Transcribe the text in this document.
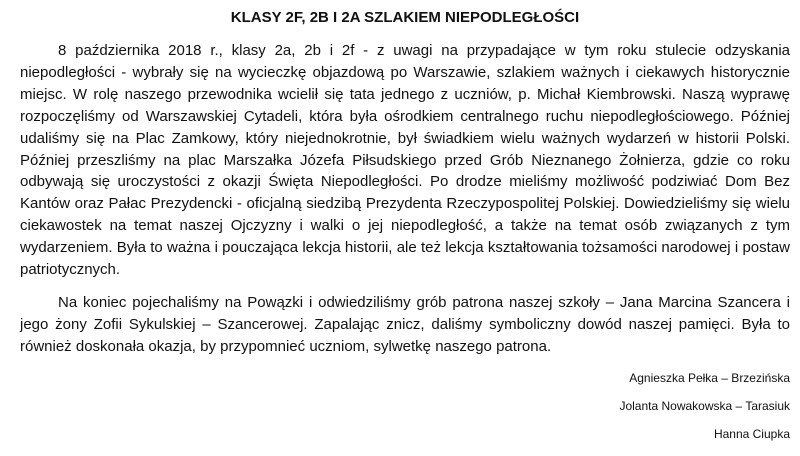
KLASY 2F, 2B I 2A SZLAKIEM NIEPODLEGŁOŚCI

8 października 2018 r., klasy 2a, 2b i 2f - z uwagi na przypadające w tym roku stulecie odzyskania niepodległości - wybrały się na wycieczkę objazdową po Warszawie, szlakiem ważnych i ciekawych historycznie miejsc. W rolę naszego przewodnika wcielił się tata jednego z uczniów, p. Michał Kiembrowski. Naszą wyprawę rozpoczęliśmy od Warszawskiej Cytadeli, która była ośrodkiem centralnego ruchu niepodległościowego. Później udaliśmy się na Plac Zamkowy, który niejednokrotnie, był świadkiem wielu ważnych wydarzeń w historii Polski. Później przeszliśmy na plac Marszałka Józefa Piłsudskiego przed Grób Nieznanego Żołnierza, gdzie co roku odbywają się uroczystości z okazji Święta Niepodległości. Po drodze mieliśmy możliwość podziwiać Dom Bez Kantów oraz Pałac Prezydencki - oficjalną siedzibą Prezydenta Rzeczypospolitej Polskiej. Dowiedzieliśmy się wielu ciekawostek na temat naszej Ojczyzny i walki o jej niepodległość, a także na temat osób związanych z tym wydarzeniem. Była to ważna i pouczająca lekcja historii, ale też lekcja kształtowania tożsamości narodowej i postaw patriotycznych.

Na koniec pojechaliśmy na Powązki i odwiedziliśmy grób patrona naszej szkoły – Jana Marcina Szancera i jego żony Zofii Sykulskiej – Szancerowej. Zapalając znicz, daliśmy symboliczny dowód naszej pamięci. Była to również doskonała okazja, by przypomnieć uczniom, sylwetkę naszego patrona.

Agnieszka Pełka – Brzezińska
Jolanta Nowakowska – Tarasiuk
Hanna Ciupka
